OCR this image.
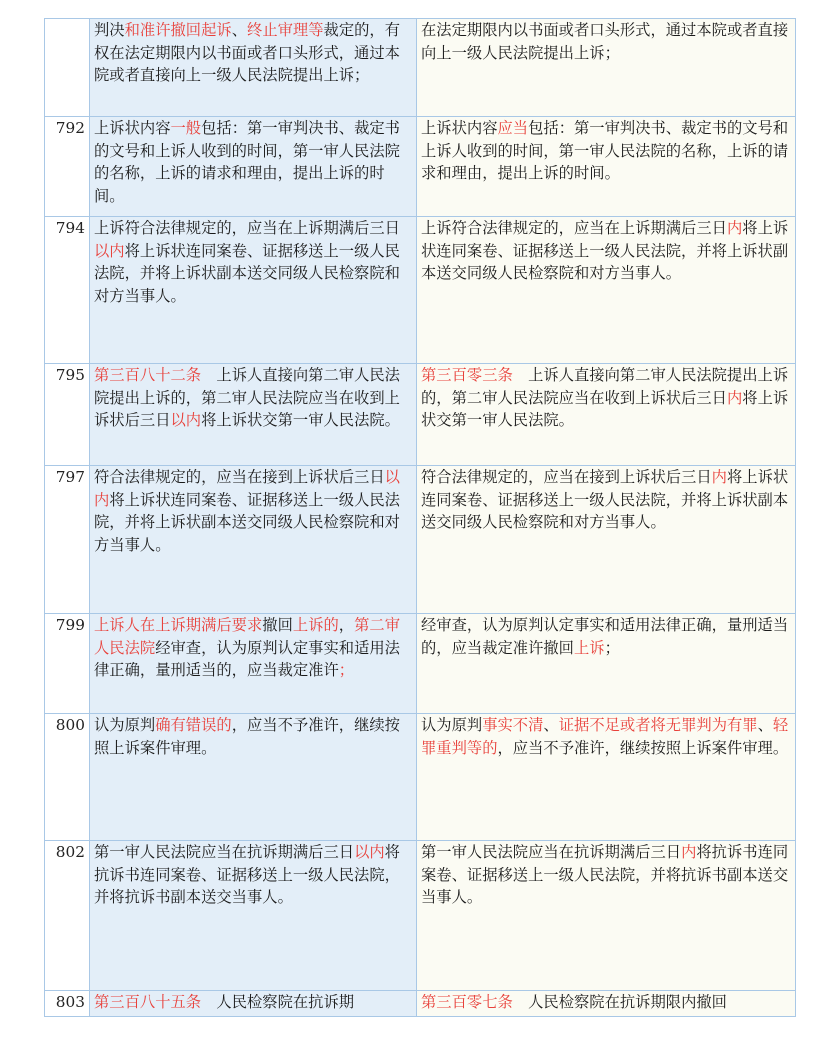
	判决和准许撤回起诉、终止审理等裁定的，有权在法定期限内以书面或者口头形式，通过本院或者直接向上一级人民法院提出上诉；	在法定期限内以书面或者口头形式，通过本院或者直接向上一级人民法院提出上诉；
792	上诉状内容一般包括：第一审判决书、裁定书的文号和上诉人收到的时间，第一审人民法院的名称，上诉的请求和理由，提出上诉的时间。	上诉状内容应当包括：第一审判决书、裁定书的文号和上诉人收到的时间，第一审人民法院的名称，上诉的请求和理由，提出上诉的时间。
794	上诉符合法律规定的，应当在上诉期满后三日以内将上诉状连同案卷、证据移送上一级人民法院，并将上诉状副本送交同级人民检察院和对方当事人。	上诉符合法律规定的，应当在上诉期满后三日内将上诉状连同案卷、证据移送上一级人民法院，并将上诉状副本送交同级人民检察院和对方当事人。
795	第三百八十二条　上诉人直接向第二审人民法院提出上诉的，第二审人民法院应当在收到上诉状后三日以内将上诉状交第一审人民法院。	第三百零三条　上诉人直接向第二审人民法院提出上诉的，第二审人民法院应当在收到上诉状后三日内将上诉状交第一审人民法院。
797	符合法律规定的，应当在接到上诉状后三日以内将上诉状连同案卷、证据移送上一级人民法院，并将上诉状副本送交同级人民检察院和对方当事人。	符合法律规定的，应当在接到上诉状后三日内将上诉状连同案卷、证据移送上一级人民法院，并将上诉状副本送交同级人民检察院和对方当事人。
799	上诉人在上诉期满后要求撤回上诉的，第二审人民法院经审查，认为原判认定事实和适用法律正确，量刑适当的，应当裁定准许；	经审查，认为原判认定事实和适用法律正确，量刑适当的，应当裁定准许撤回上诉；
800	认为原判确有错误的，应当不予准许，继续按照上诉案件审理。	认为原判事实不清、证据不足或者将无罪判为有罪、轻罪重判等的，应当不予准许，继续按照上诉案件审理。
802	第一审人民法院应当在抗诉期满后三日以内将抗诉书连同案卷、证据移送上一级人民法院，并将抗诉书副本送交当事人。	第一审人民法院应当在抗诉期满后三日内将抗诉书连同案卷、证据移送上一级人民法院，并将抗诉书副本送交当事人。
803	第三百八十五条　人民检察院在抗诉期	第三百零七条　人民检察院在抗诉期限内撤回
